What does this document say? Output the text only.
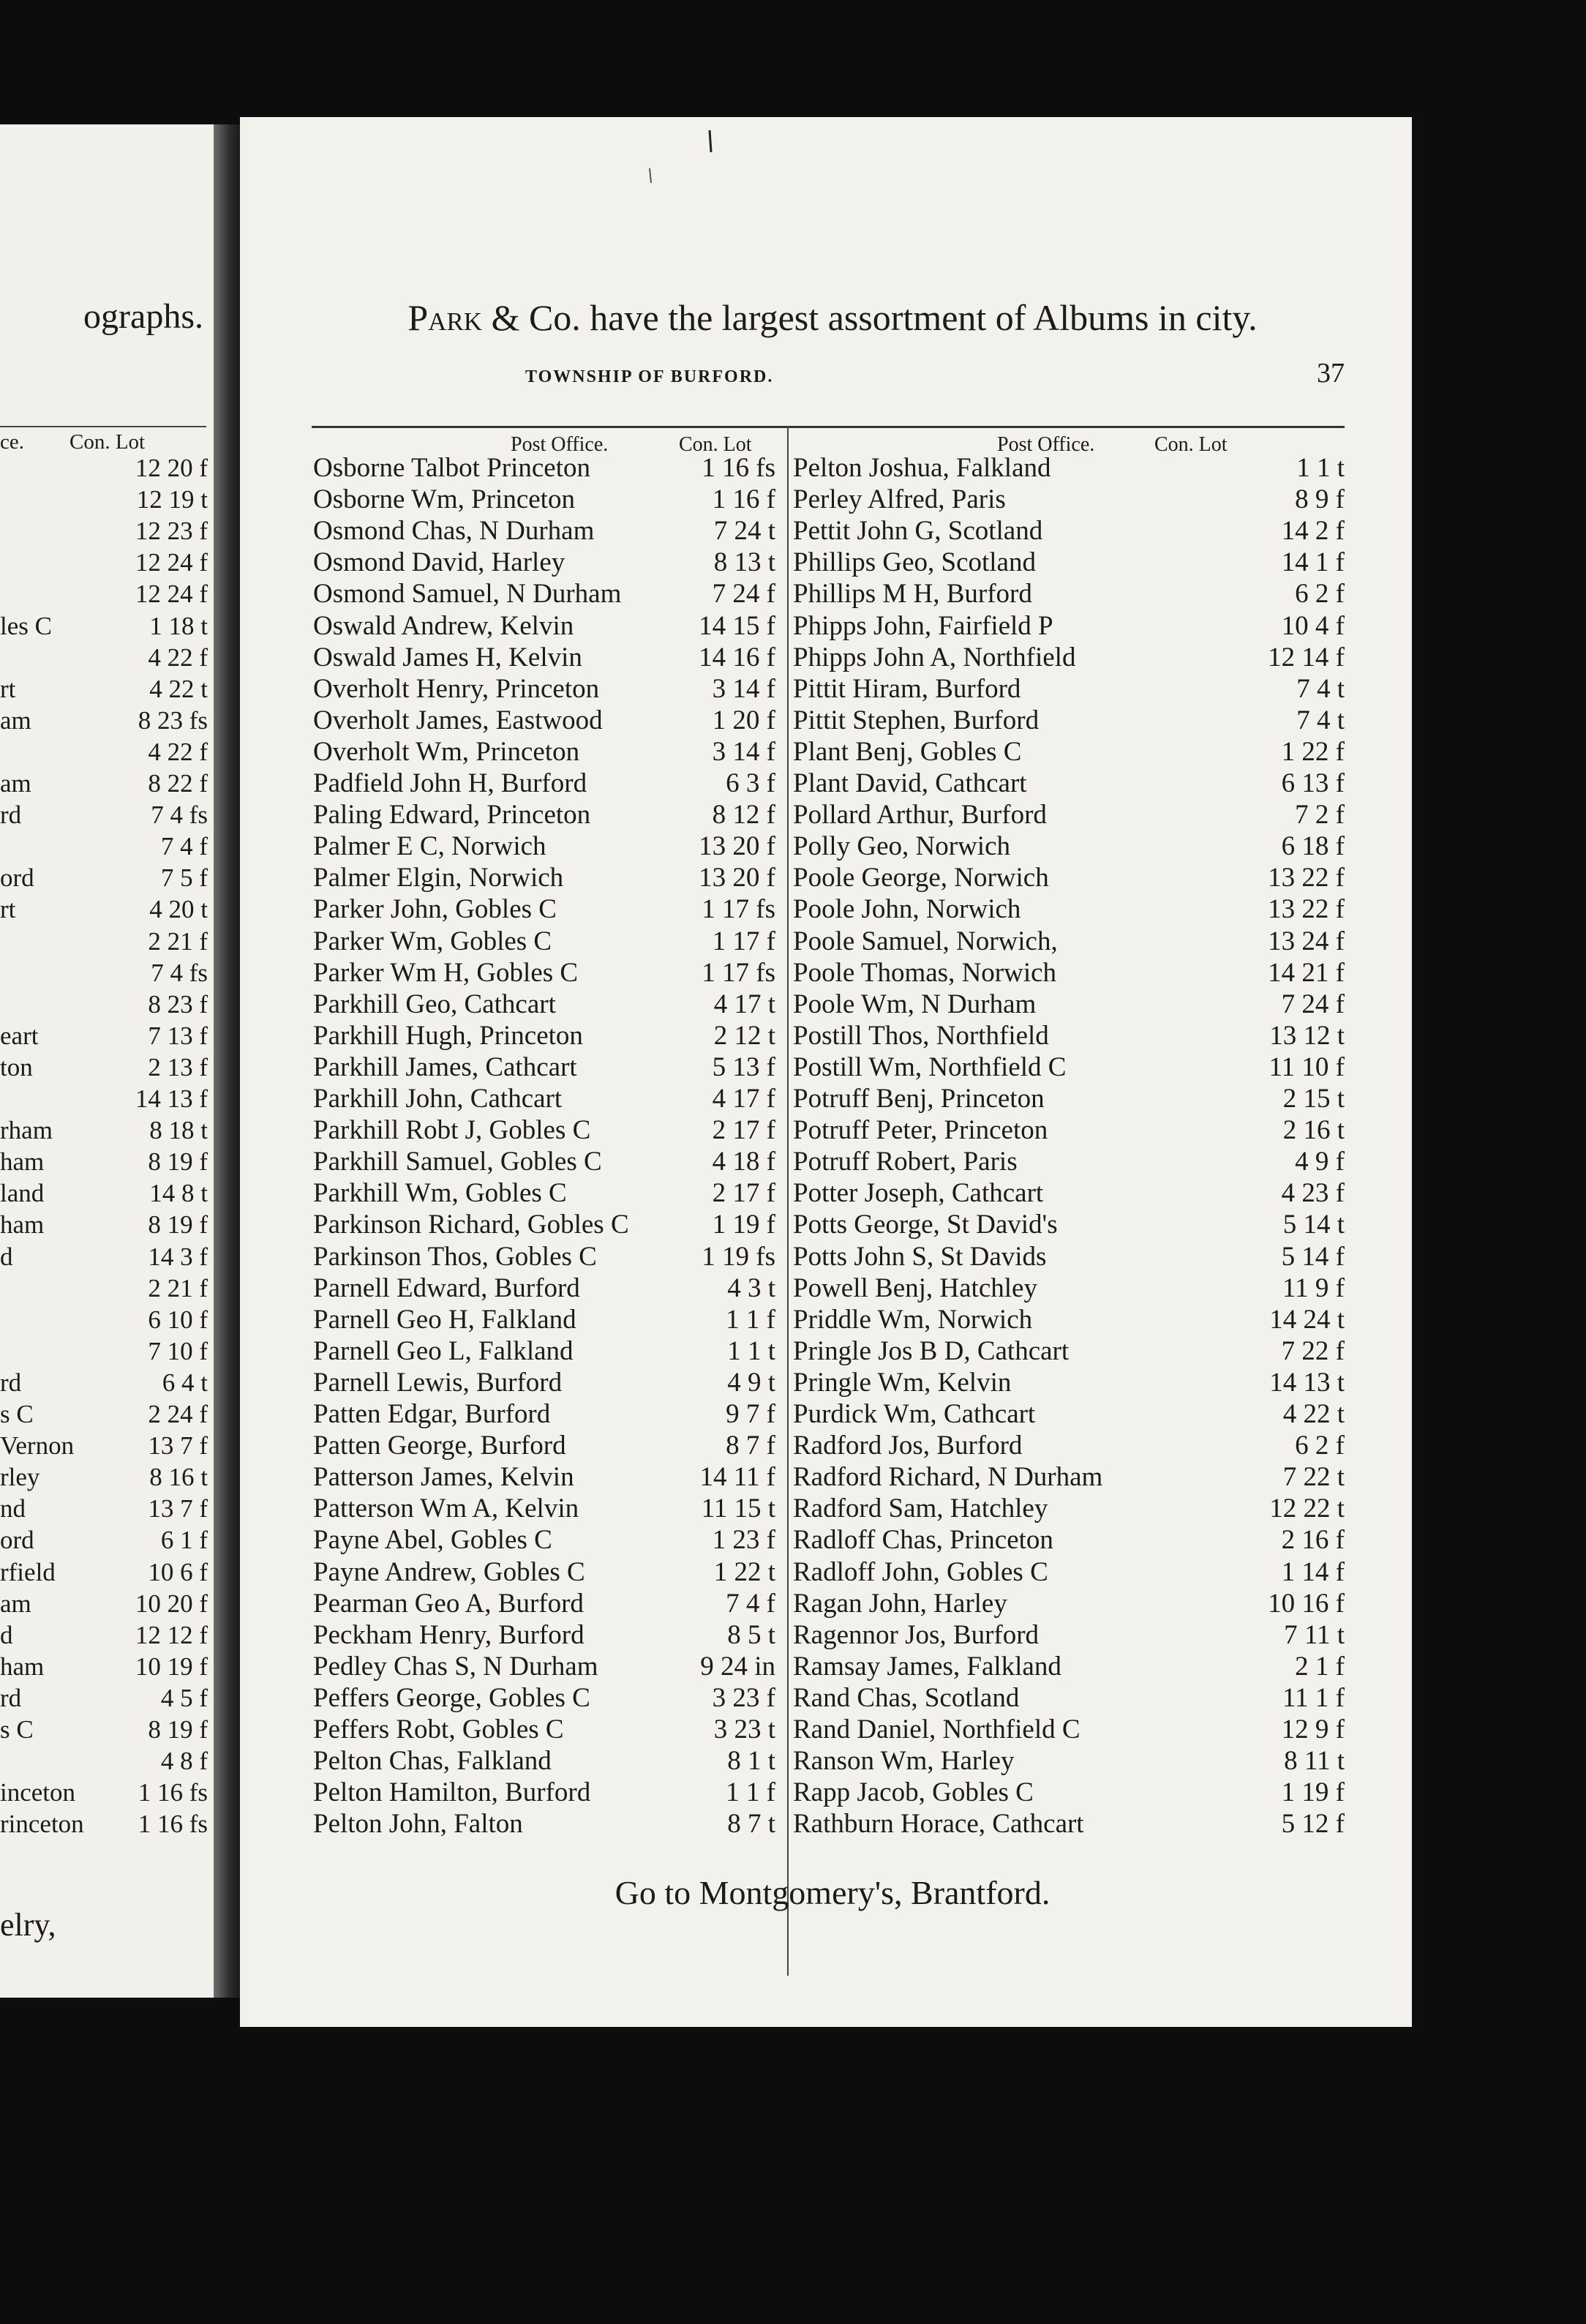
ographs.
ce. Con. Lot
12 20 f
12 19 t
12 23 f
12 24 f
12 24 f
les C	1 18 t
4 22 f
rt	4 22 t
am	8 23 fs
4 22 f
am	8 22 f
rd	7 4 fs
7 4 f
ord	7 5 f
rt	4 20 t
2 21 f
7 4 fs
8 23 f
eart	7 13 f
ton	2 13 f
14 13 f
rham	8 18 t
ham	8 19 f
land	14 8 t
ham	8 19 f
d	14 3 f
2 21 f
6 10 f
7 10 f
rd	6 4 t
s C	2 24 f
Vernon	13 7 f
rley	8 16 t
nd	13 7 f
ord	6 1 f
rfield	10 6 f
am	10 20 f
d	12 12 f
ham	10 19 f
rd	4 5 f
s C	8 19 f
4 8 f
inceton 1 16 fs
rinceton 1 16 fs
elry,
Park & Co. have the largest assortment of Albums in city.
TOWNSHIP OF BURFORD.	37
Post Office.	Con. Lot	Post Office.	Con. Lot
Osborne Talbot Princeton	1 16 fs
Osborne Wm, Princeton	1 16 f
Osmond Chas, N Durham	7 24 t
Osmond David, Harley	8 13 t
Osmond Samuel, N Durham	7 24 f
Oswald Andrew, Kelvin	14 15 f
Oswald James H, Kelvin	14 16 f
Overholt Henry, Princeton	3 14 f
Overholt James, Eastwood	1 20 f
Overholt Wm, Princeton	3 14 f
Padfield John H, Burford	6 3 f
Paling Edward, Princeton	8 12 f
Palmer E C, Norwich	13 20 f
Palmer Elgin, Norwich	13 20 f
Parker John, Gobles C	1 17 fs
Parker Wm, Gobles C	1 17 f
Parker Wm H, Gobles C	1 17 fs
Parkhill Geo, Cathcart	4 17 t
Parkhill Hugh, Princeton	2 12 t
Parkhill James, Cathcart	5 13 f
Parkhill John, Cathcart	4 17 f
Parkhill Robt J, Gobles C	2 17 f
Parkhill Samuel, Gobles C	4 18 f
Parkhill Wm, Gobles C	2 17 f
Parkinson Richard, Gobles C	1 19 f
Parkinson Thos, Gobles C	1 19 fs
Parnell Edward, Burford	4 3 t
Parnell Geo H, Falkland	1 1 f
Parnell Geo L, Falkland	1 1 t
Parnell Lewis, Burford	4 9 t
Patten Edgar, Burford	9 7 f
Patten George, Burford	8 7 f
Patterson James, Kelvin	14 11 f
Patterson Wm A, Kelvin	11 15 t
Payne Abel, Gobles C	1 23 f
Payne Andrew, Gobles C	1 22 t
Pearman Geo A, Burford	7 4 f
Peckham Henry, Burford	8 5 t
Pedley Chas S, N Durham	9 24 in
Peffers George, Gobles C	3 23 f
Peffers Robt, Gobles C	3 23 t
Pelton Chas, Falkland	8 1 t
Pelton Hamilton, Burford	1 1 f
Pelton John, Falton	8 7 t
Pelton Joshua, Falkland	1 1 t
Perley Alfred, Paris	8 9 f
Pettit John G, Scotland	14 2 f
Phillips Geo, Scotland	14 1 f
Phillips M H, Burford	6 2 f
Phipps John, Fairfield P	10 4 f
Phipps John A, Northfield	12 14 f
Pittit Hiram, Burford	7 4 t
Pittit Stephen, Burford	7 4 t
Plant Benj, Gobles C	1 22 f
Plant David, Cathcart	6 13 f
Pollard Arthur, Burford	7 2 f
Polly Geo, Norwich	6 18 f
Poole George, Norwich	13 22 f
Poole John, Norwich	13 22 f
Poole Samuel, Norwich,	13 24 f
Poole Thomas, Norwich	14 21 f
Poole Wm, N Durham	7 24 f
Postill Thos, Northfield	13 12 t
Postill Wm, Northfield C	11 10 f
Potruff Benj, Princeton	2 15 t
Potruff Peter, Princeton	2 16 t
Potruff Robert, Paris	4 9 f
Potter Joseph, Cathcart	4 23 f
Potts George, St David's	5 14 t
Potts John S, St Davids	5 14 f
Powell Benj, Hatchley	11 9 f
Priddle Wm, Norwich	14 24 t
Pringle Jos B D, Cathcart	7 22 f
Pringle Wm, Kelvin	14 13 t
Purdick Wm, Cathcart	4 22 t
Radford Jos, Burford	6 2 f
Radford Richard, N Durham	7 22 t
Radford Sam, Hatchley	12 22 t
Radloff Chas, Princeton	2 16 f
Radloff John, Gobles C	1 14 f
Ragan John, Harley	10 16 f
Ragennor Jos, Burford	7 11 t
Ramsay James, Falkland	2 1 f
Rand Chas, Scotland	11 1 f
Rand Daniel, Northfield C	12 9 f
Ranson Wm, Harley	8 11 t
Rapp Jacob, Gobles C	1 19 f
Rathburn Horace, Cathcart	5 12 f
Go to Montgomery's, Brantford.
